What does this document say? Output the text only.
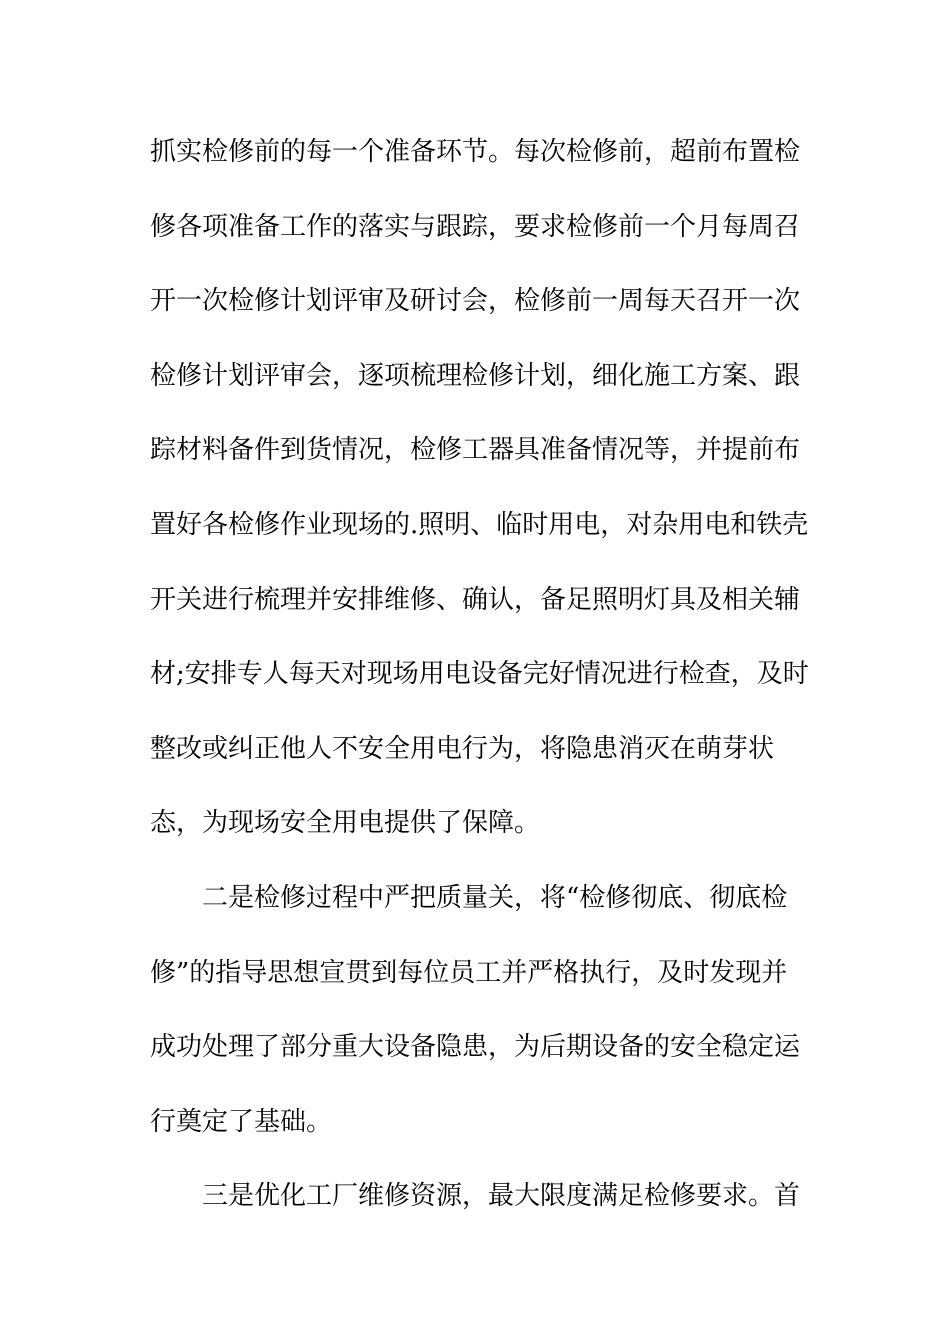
抓实检修前的每一个准备环节。每次检修前，超前布置检
修各项准备工作的落实与跟踪，要求检修前一个月每周召
开一次检修计划评审及研讨会，检修前一周每天召开一次
检修计划评审会，逐项梳理检修计划，细化施工方案、跟
踪材料备件到货情况，检修工器具准备情况等，并提前布
置好各检修作业现场的.照明、临时用电，对杂用电和铁壳
开关进行梳理并安排维修、确认，备足照明灯具及相关辅
材;安排专人每天对现场用电设备完好情况进行检查，及时
整改或纠正他人不安全用电行为，将隐患消灭在萌芽状
态，为现场安全用电提供了保障。
二是检修过程中严把质量关，将“检修彻底、彻底检
修”的指导思想宣贯到每位员工并严格执行，及时发现并
成功处理了部分重大设备隐患，为后期设备的安全稳定运
行奠定了基础。
三是优化工厂维修资源，最大限度满足检修要求。首
